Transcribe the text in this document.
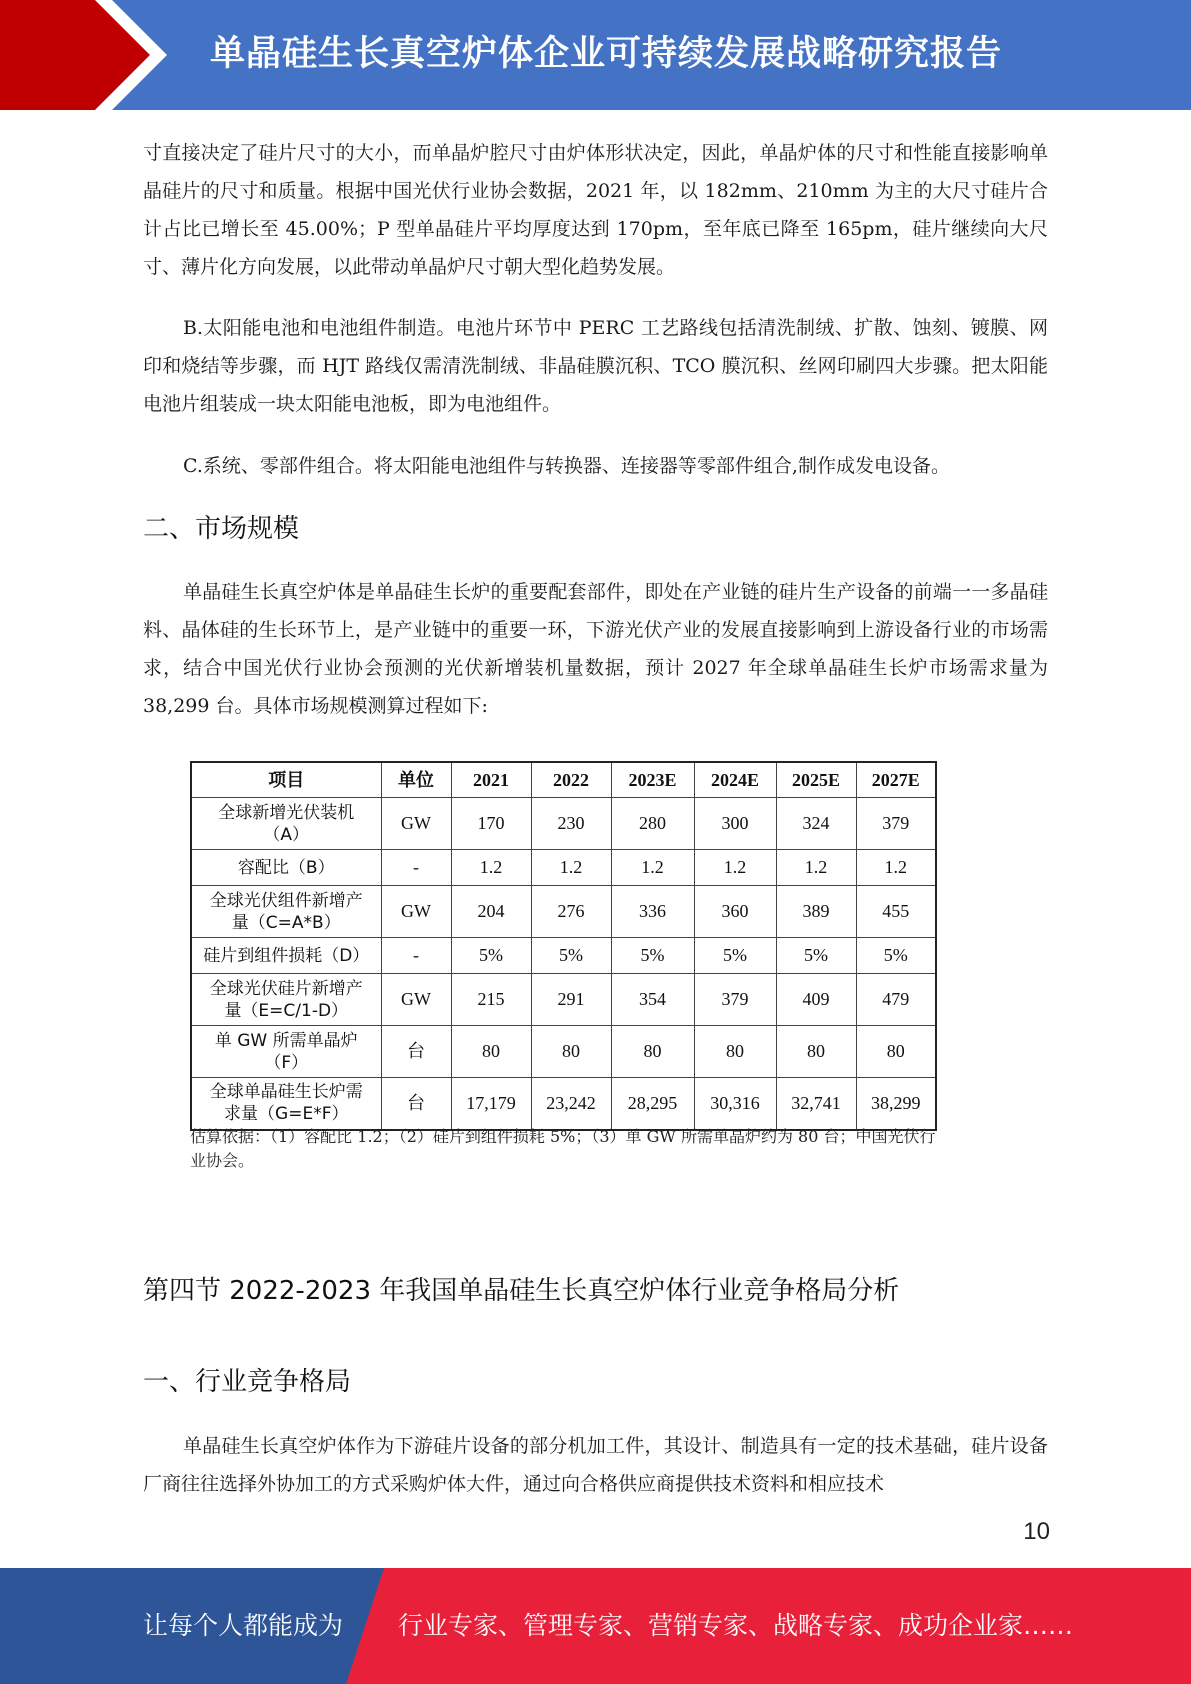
单晶硅生长真空炉体企业可持续发展战略研究报告

寸直接决定了硅片尺寸的大小，而单晶炉腔尺寸由炉体形状决定，因此，单晶炉体的尺寸和性能直接影响单晶硅片的尺寸和质量。根据中国光伏行业协会数据，2021 年，以 182mm、210mm 为主的大尺寸硅片合计占比已增长至 45.00%；P 型单晶硅片平均厚度达到 170pm，至年底已降至 165pm，硅片继续向大尺寸、薄片化方向发展，以此带动单晶炉尺寸朝大型化趋势发展。

B.太阳能电池和电池组件制造。电池片环节中 PERC 工艺路线包括清洗制绒、扩散、蚀刻、镀膜、网印和烧结等步骤，而 HJT 路线仅需清洗制绒、非晶硅膜沉积、TCO 膜沉积、丝网印刷四大步骤。把太阳能电池片组装成一块太阳能电池板，即为电池组件。

C.系统、零部件组合。将太阳能电池组件与转换器、连接器等零部件组合,制作成发电设备。

二、市场规模

单晶硅生长真空炉体是单晶硅生长炉的重要配套部件，即处在产业链的硅片生产设备的前端一一多晶硅料、晶体硅的生长环节上，是产业链中的重要一环，下游光伏产业的发展直接影响到上游设备行业的市场需求，结合中国光伏行业协会预测的光伏新增装机量数据，预计 2027 年全球单晶硅生长炉市场需求量为 38,299 台。具体市场规模测算过程如下:

第四节 2022-2023 年我国单晶硅生长真空炉体行业竞争格局分析
一、行业竞争格局

单晶硅生长真空炉体作为下游硅片设备的部分机加工件，其设计、制造具有一定的技术基础，硅片设备厂商往往选择外协加工的方式采购炉体大件，通过向合格供应商提供技术资料和相应技术

项目	单位	2021	2022	2023E	2024E	2025E	2027E

全球新增光伏装机
（A）	GW	170	230	280	300	324	379

容配比（B）	-	1.2	1.2	1.2	1.2	1.2	1.2

全球光伏组件新增产
量（C=A*B）	GW	204	276	336	360	389	455

硅片到组件损耗（D）	-	5%	5%	5%	5%	5%	5%

全球光伏硅片新增产
量（E=C/1-D）	GW	215	291	354	379	409	479

单 GW 所需单晶炉
（F）	台	80	80	80	80	80	80

全球单晶硅生长炉需
求量（G=E*F）	台	17,179	23,242	28,295	30,316	32,741	38,299

估算依据：（1）容配比 1.2；（2）硅片到组件损耗 5%；（3）单 GW 所需单晶炉约为 80 台；中国光伏行业协会。

10
让每个人都能成为 行业专家、管理专家、营销专家、战略专家、成功企业家……
